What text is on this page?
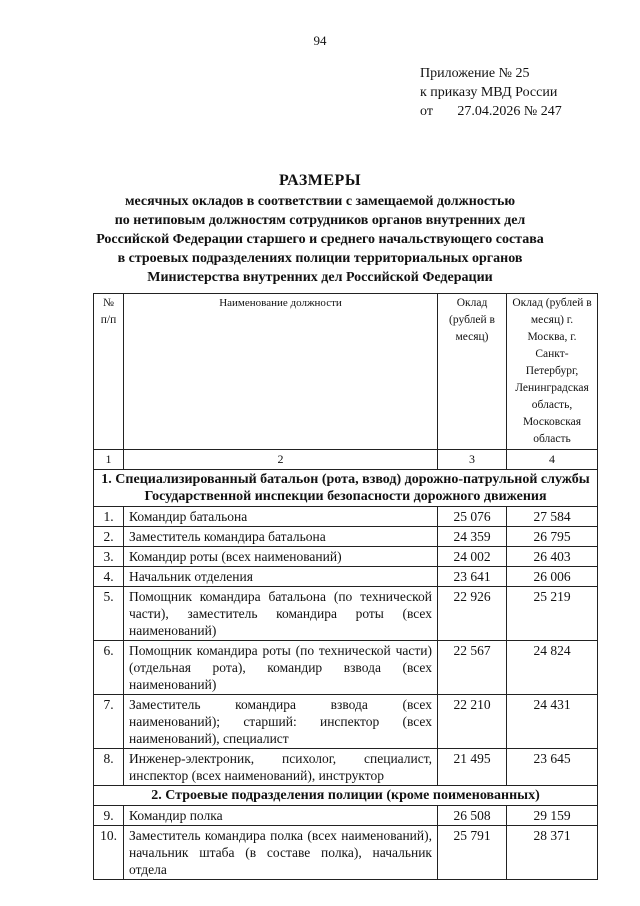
94
Приложение № 25
к приказу МВД России
от       27.04.2026 № 247
РАЗМЕРЫ
месячных окладов в соответствии с замещаемой должностью
по нетиповым должностям сотрудников органов внутренних дел
Российской Федерации старшего и среднего начальствующего состава
в строевых подразделениях полиции территориальных органов
Министерства внутренних дел Российской Федерации
№ п/п	Наименование должности	Оклад (рублей в месяц)	Оклад (рублей в месяц) г. Москва, г. Санкт-Петербург, Ленинградская область, Московская область
1	2	3	4
1. Специализированный батальон (рота, взвод) дорожно-патрульной службы Государственной инспекции безопасности дорожного движения			
1.	Командир батальона	25 076	27 584
2.	Заместитель командира батальона	24 359	26 795
3.	Командир роты (всех наименований)	24 002	26 403
4.	Начальник отделения	23 641	26 006
5.	Помощник командира батальона (по технической части), заместитель командира роты (всех наименований)	22 926	25 219
6.	Помощник командира роты (по технической части) (отдельная рота), командир взвода (всех наименований)	22 567	24 824
7.	Заместитель командира взвода (всех наименований); старший: инспектор (всех наименований), специалист	22 210	24 431
8.	Инженер-электроник, психолог, специалист, инспектор (всех наименований), инструктор	21 495	23 645
2. Строевые подразделения полиции (кроме поименованных)			
9.	Командир полка	26 508	29 159
10.	Заместитель командира полка (всех наименований), начальник штаба (в составе полка), начальник отдела	25 791	28 371
